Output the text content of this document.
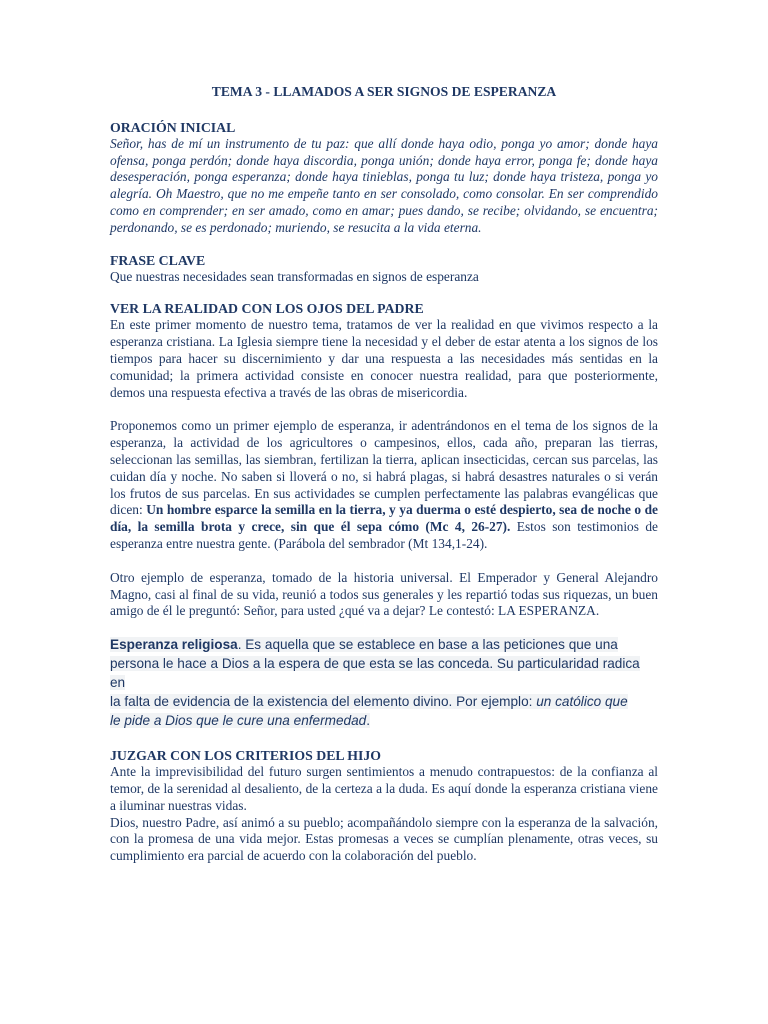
TEMA 3 - LLAMADOS A SER SIGNOS DE ESPERANZA
ORACIÓN INICIAL

Señor, has de mí un instrumento de tu paz: que allí donde haya odio, ponga yo amor; donde haya ofensa, ponga perdón; donde haya discordia, ponga unión; donde haya error, ponga fe; donde haya desesperación, ponga esperanza; donde haya tinieblas, ponga tu luz; donde haya tristeza, ponga yo alegría. Oh Maestro, que no me empeñe tanto en ser consolado, como consolar. En ser comprendido como en comprender; en ser amado, como en amar; pues dando, se recibe; olvidando, se encuentra; perdonando, se es perdonado; muriendo, se resucita a la vida eterna.

FRASE CLAVE

Que nuestras necesidades sean transformadas en signos de esperanza

VER LA REALIDAD CON LOS OJOS DEL PADRE

En este primer momento de nuestro tema, tratamos de ver la realidad en que vivimos respecto a la esperanza cristiana. La Iglesia siempre tiene la necesidad y el deber de estar atenta a los signos de los tiempos para hacer su discernimiento y dar una respuesta a las necesidades más sentidas en la comunidad; la primera actividad consiste en conocer nuestra realidad, para que posteriormente, demos una respuesta efectiva a través de las obras de misericordia.

Proponemos como un primer ejemplo de esperanza, ir adentrándonos en el tema de los signos de la esperanza, la actividad de los agricultores o campesinos, ellos, cada año, preparan las tierras, seleccionan las semillas, las siembran, fertilizan la tierra, aplican insecticidas, cercan sus parcelas, las cuidan día y noche. No saben si lloverá o no, si habrá plagas, si habrá desastres naturales o si verán los frutos de sus parcelas. En sus actividades se cumplen perfectamente las palabras evangélicas que dicen: Un hombre esparce la semilla en la tierra, y ya duerma o esté despierto, sea de noche o de día, la semilla brota y crece, sin que él sepa cómo (Mc 4, 26-27). Estos son testimonios de esperanza entre nuestra gente. (Parábola del sembrador (Mt 134,1-24).

Otro ejemplo de esperanza, tomado de la historia universal. El Emperador y General Alejandro Magno, casi al final de su vida, reunió a todos sus generales y les repartió todas sus riquezas, un buen amigo de él le preguntó: Señor, para usted ¿qué va a dejar? Le contestó: LA ESPERANZA.

Esperanza religiosa. Es aquella que se establece en base a las peticiones que una
persona le hace a Dios a la espera de que esta se las conceda. Su particularidad radica en
la falta de evidencia de la existencia del elemento divino. Por ejemplo: un católico que
le pide a Dios que le cure una enfermedad.
JUZGAR CON LOS CRITERIOS DEL HIJO

Ante la imprevisibilidad del futuro surgen sentimientos a menudo contrapuestos: de la confianza al temor, de la serenidad al desaliento, de la certeza a la duda. Es aquí donde la esperanza cristiana viene a iluminar nuestras vidas.

Dios, nuestro Padre, así animó a su pueblo; acompañándolo siempre con la esperanza de la salvación, con la promesa de una vida mejor. Estas promesas a veces se cumplían plenamente, otras veces, su cumplimiento era parcial de acuerdo con la colaboración del pueblo.
